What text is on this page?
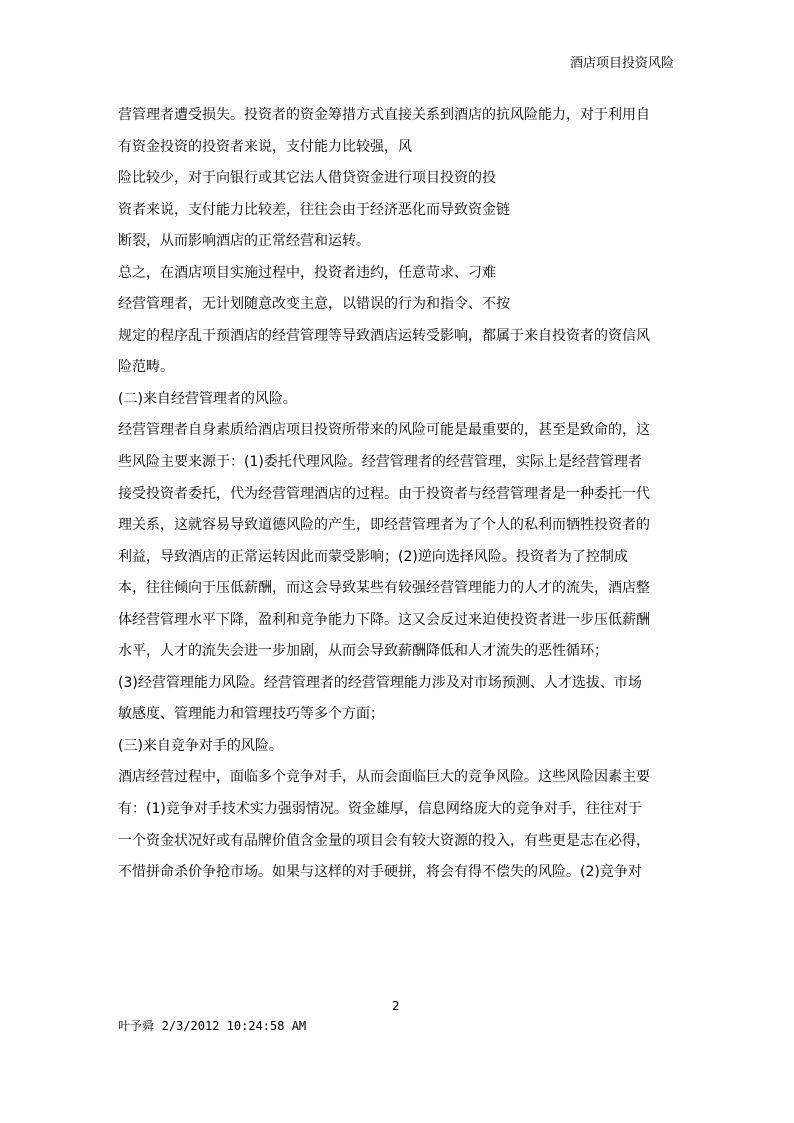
酒店项目投资风险
营管理者遭受损失。投资者的资金筹措方式直接关系到酒店的抗风险能力，对于利用自
有资金投资的投资者来说，支付能力比较强，风
险比较少，对于向银行或其它法人借贷资金进行项目投资的投
资者来说，支付能力比较差，往往会由于经济恶化而导致资金链
断裂，从而影响酒店的正常经营和运转。
总之，在酒店项目实施过程中，投资者违约，任意苛求、刁难
经营管理者，无计划随意改变主意，以错误的行为和指令、不按
规定的程序乱干预酒店的经营管理等导致酒店运转受影响，都属于来自投资者的资信风
险范畴。
(二)来自经营管理者的风险。
经营管理者自身素质给酒店项目投资所带来的风险可能是最重要的，甚至是致命的，这
些风险主要来源于：(1)委托代理风险。经营管理者的经营管理，实际上是经营管理者
接受投资者委托，代为经营管理酒店的过程。由于投资者与经营管理者是一种委托一代
理关系，这就容易导致道德风险的产生，即经营管理者为了个人的私利而牺牲投资者的
利益，导致酒店的正常运转因此而蒙受影响；(2)逆向选择风险。投资者为了控制成
本，往往倾向于压低薪酬，而这会导致某些有较强经营管理能力的人才的流失，酒店整
体经营管理水平下降，盈利和竞争能力下降。这又会反过来迫使投资者进一步压低薪酬
水平，人才的流失会进一步加剧，从而会导致薪酬降低和人才流失的恶性循环；
(3)经营管理能力风险。经营管理者的经营管理能力涉及对市场预测、人才选拔、市场
敏感度、管理能力和管理技巧等多个方面；
(三)来自竞争对手的风险。
酒店经营过程中，面临多个竞争对手，从而会面临巨大的竞争风险。这些风险因素主要
有：(1)竞争对手技术实力强弱情况。资金雄厚，信息网络庞大的竞争对手，往往对于
一个资金状况好或有品牌价值含金量的项目会有较大资源的投入，有些更是志在必得，
不惜拼命杀价争抢市场。如果与这样的对手硬拼，将会有得不偿失的风险。(2)竞争对
2
叶予舜 2/3/2012 10:24:58 AM
